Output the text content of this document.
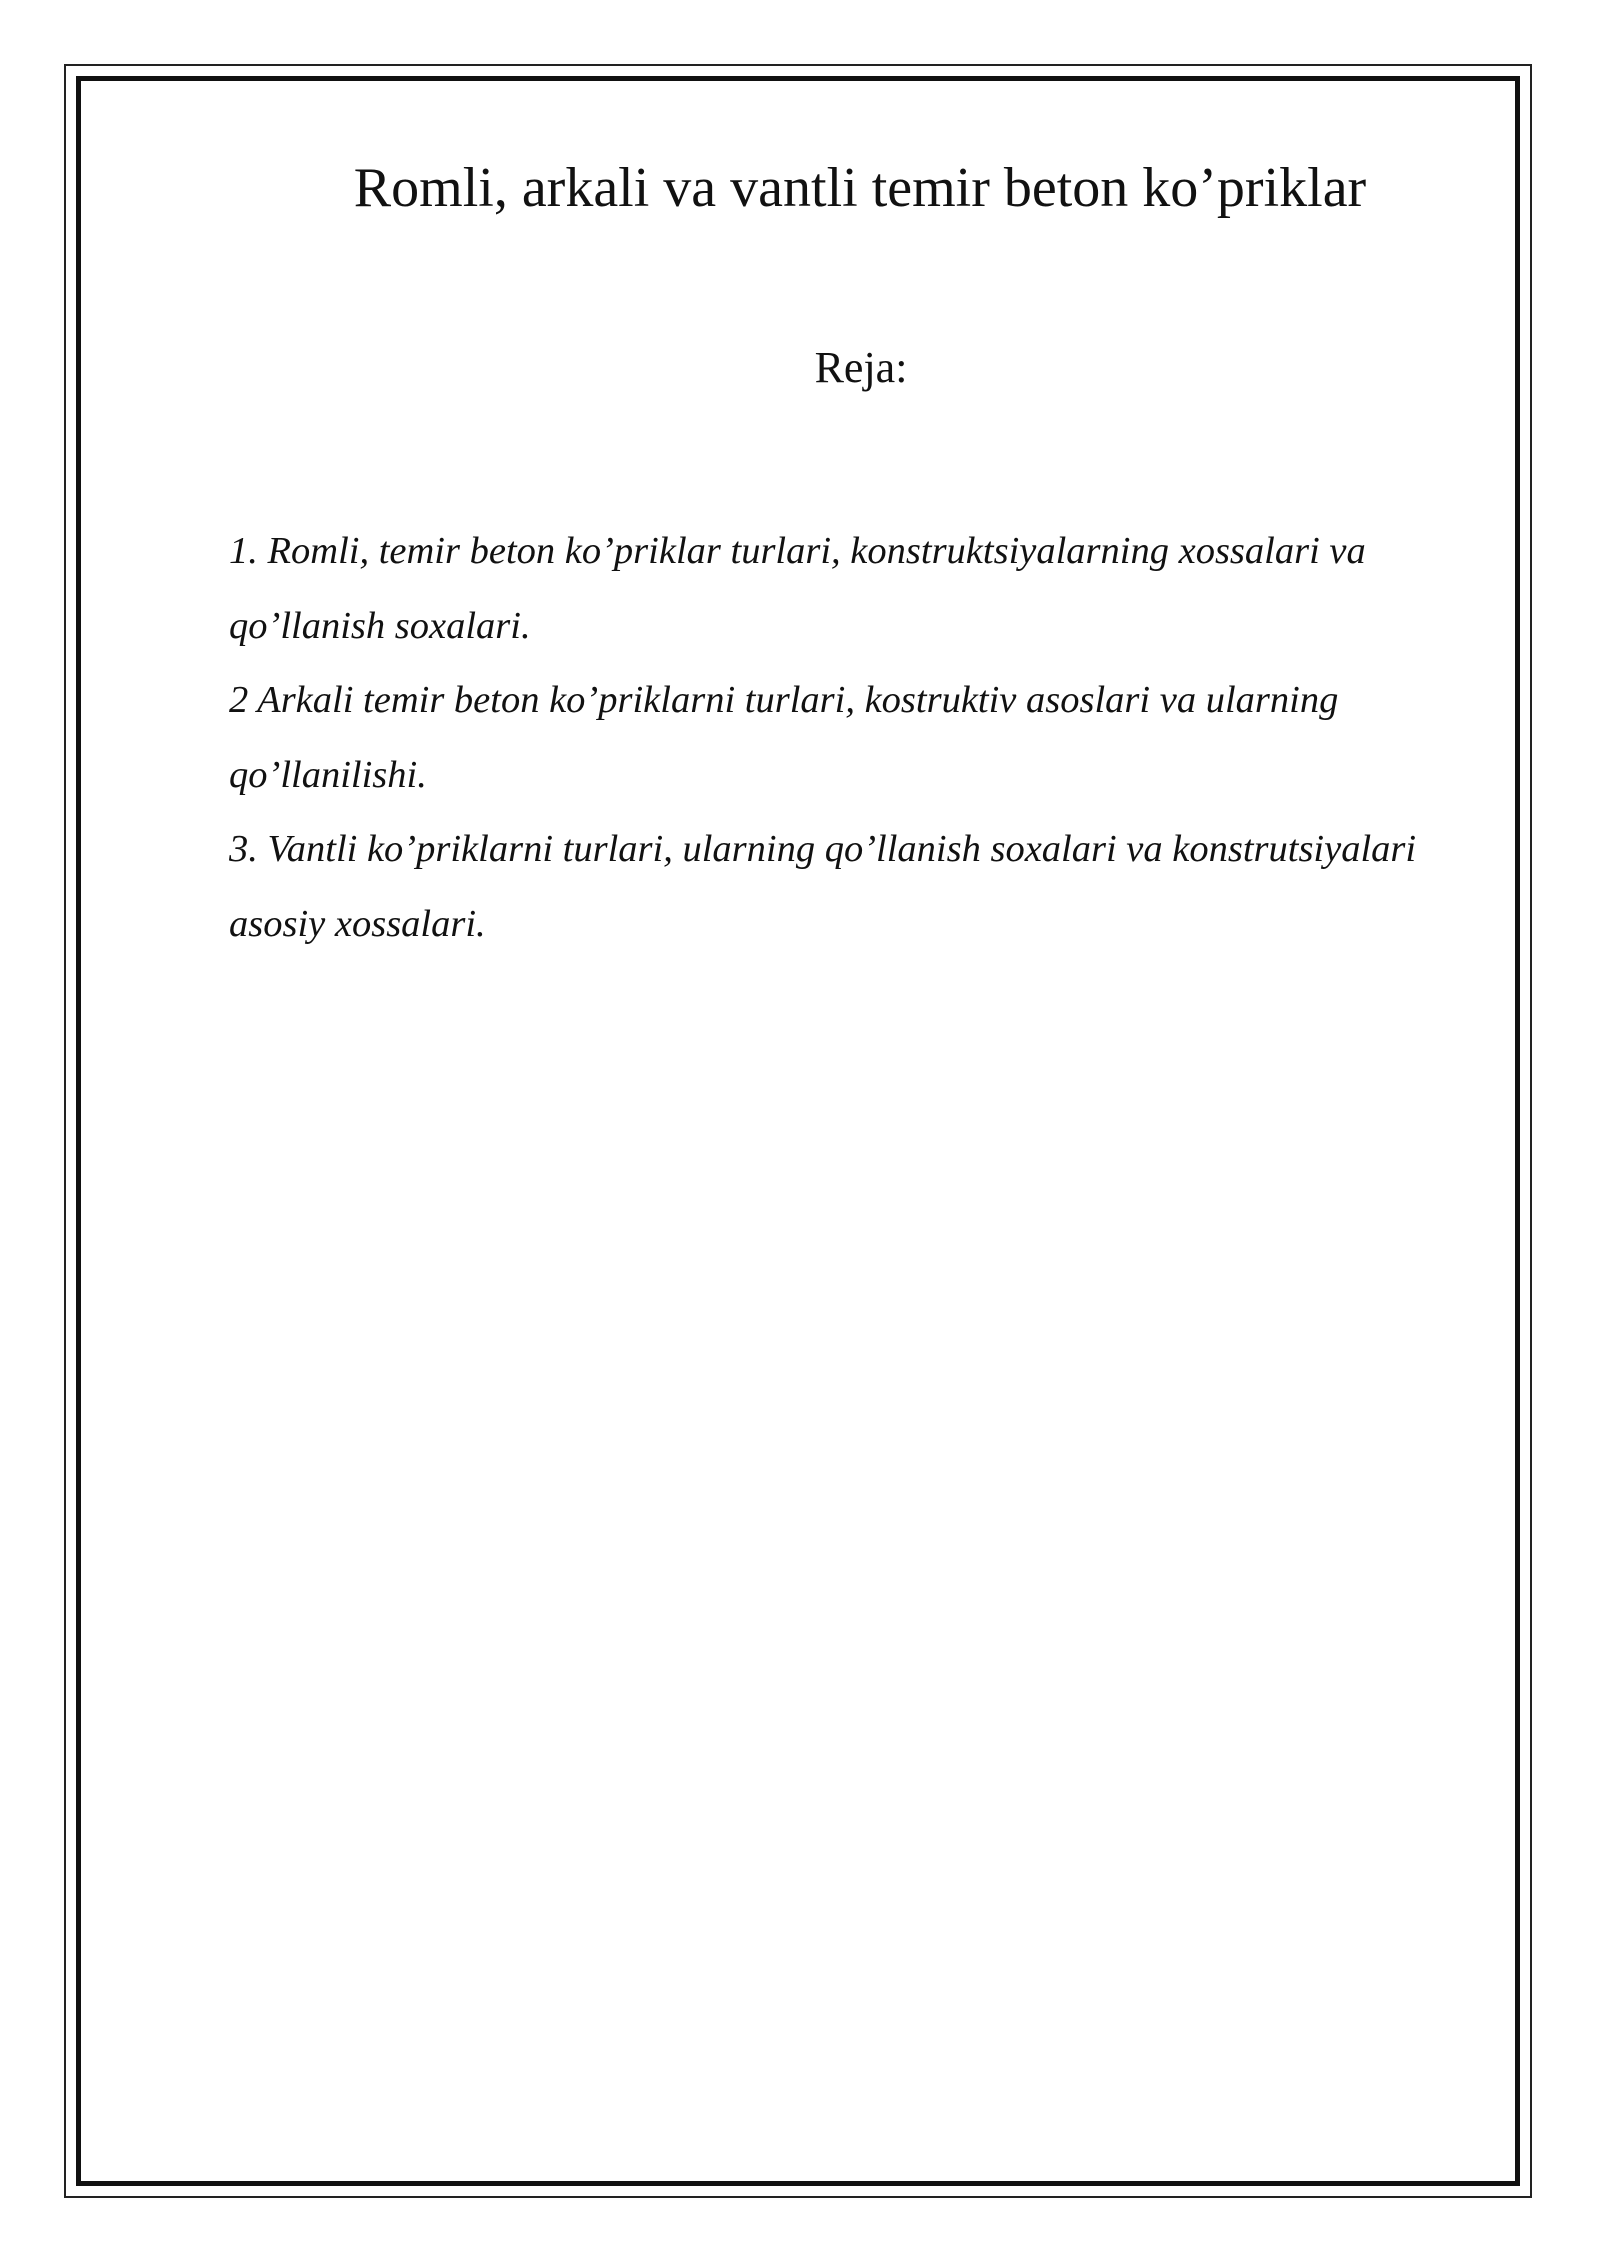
Romli, arkali va vantli temir beton ko’priklar
Reja:
1. Romli, temir beton ko’priklar turlari, konstruktsiyalarning xossalari va qo’llanish soxalari.
2 Arkali temir beton ko’priklarni turlari, kostruktiv asoslari va ularning qo’llanilishi.
3. Vantli ko’priklarni turlari, ularning qo’llanish soxalari va konstrutsiyalari asosiy xossalari.
